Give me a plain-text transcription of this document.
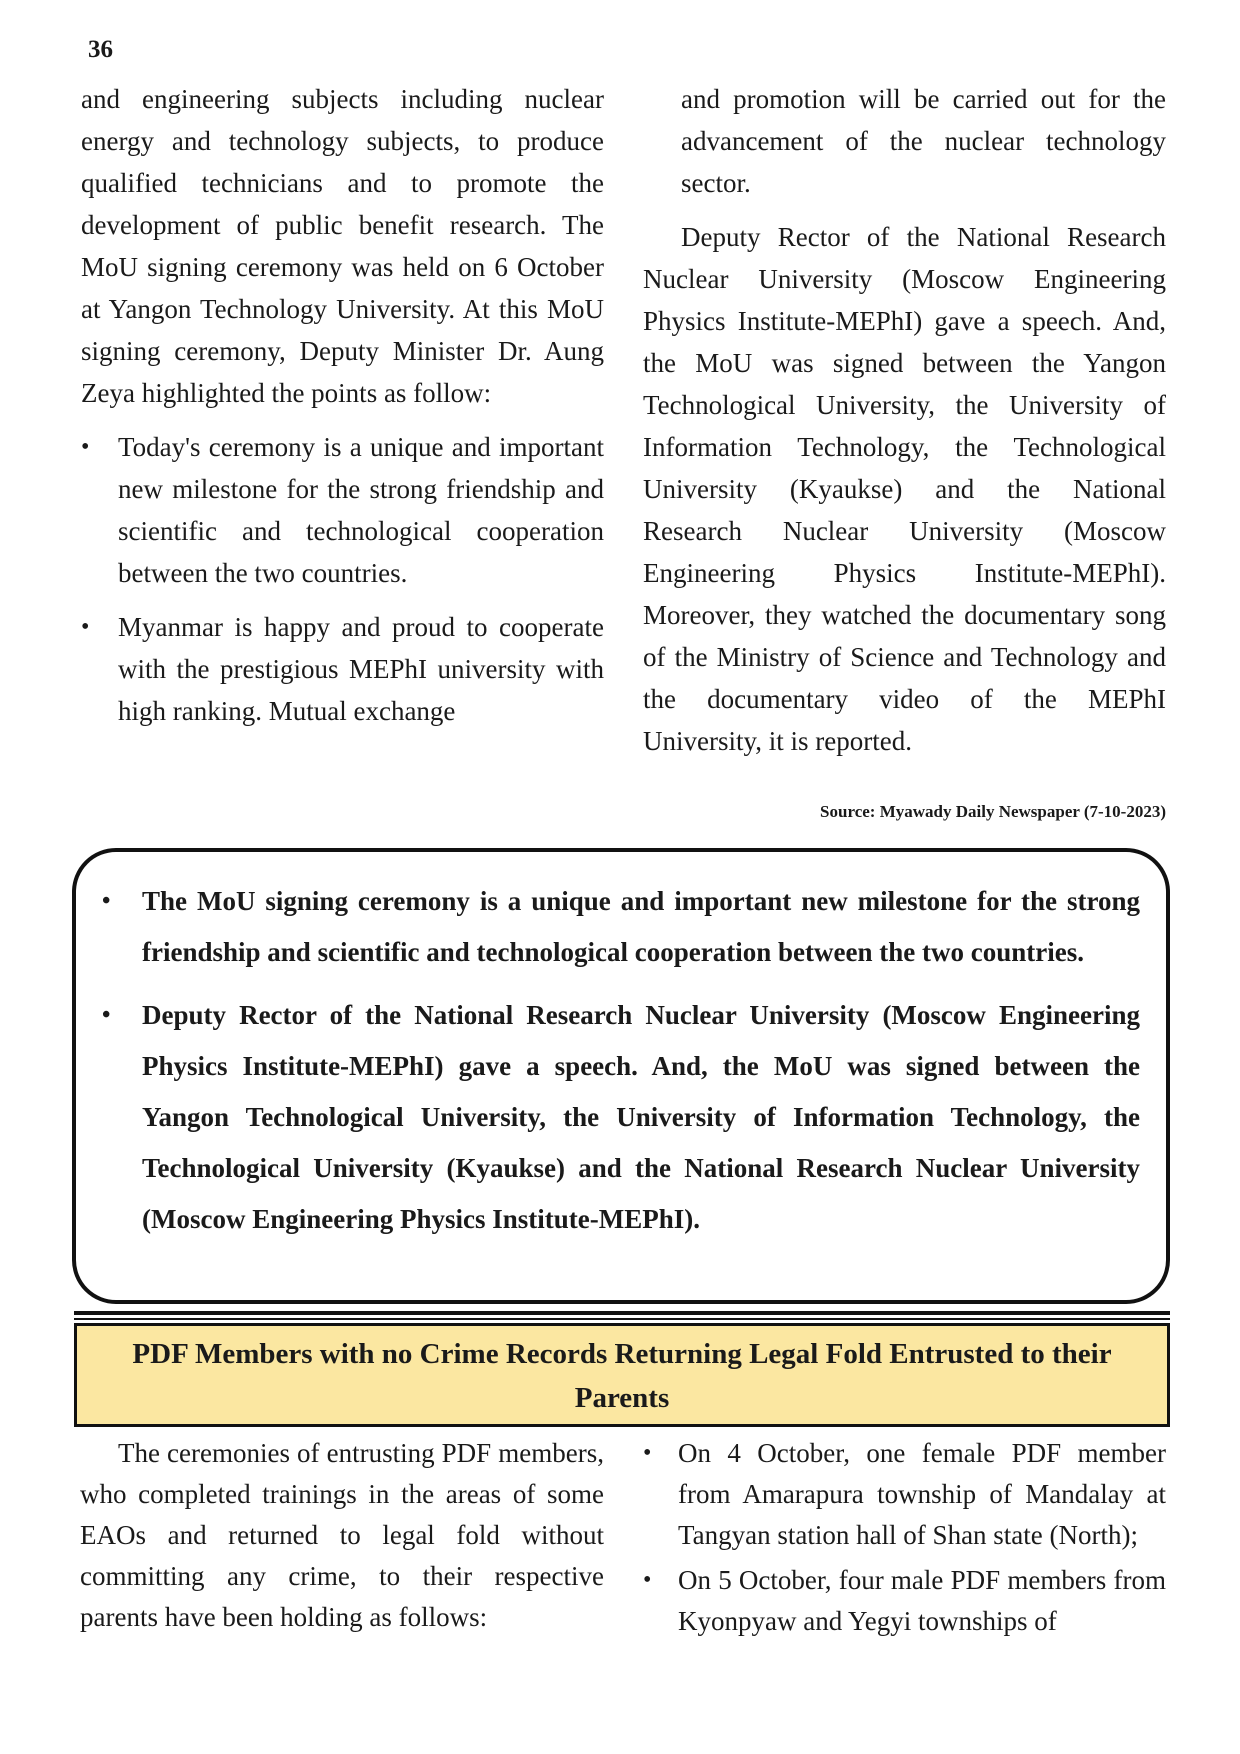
36

and engineering subjects including nuclear energy and technology subjects, to produce qualified technicians and to promote the development of public benefit research. The MoU signing ceremony was held on 6 October at Yangon Technology University. At this MoU signing ceremony, Deputy Minister Dr. Aung Zeya highlighted the points as follow:

• Today's ceremony is a unique and important new milestone for the strong friendship and scientific and technological cooperation between the two countries.
• Myanmar is happy and proud to cooperate with the prestigious MEPhI university with high ranking. Mutual exchange

and promotion will be carried out for the advancement of the nuclear technology sector.

Deputy Rector of the National Research Nuclear University (Moscow Engineering Physics Institute-MEPhI) gave a speech. And, the MoU was signed between the Yangon Technological University, the University of Information Technology, the Technological University (Kyaukse) and the National Research Nuclear University (Moscow Engineering Physics Institute-MEPhI). Moreover, they watched the documentary song of the Ministry of Science and Technology and the documentary video of the MEPhI University, it is reported.

Source: Myawady Daily Newspaper (7-10-2023)
• The MoU signing ceremony is a unique and important new milestone for the strong friendship and scientific and technological cooperation between the two countries.
• Deputy Rector of the National Research Nuclear University (Moscow Engineering Physics Institute-MEPhI) gave a speech. And, the MoU was signed between the Yangon Technological University, the University of Information Technology, the Technological University (Kyaukse) and the National Research Nuclear University (Moscow Engineering Physics Institute-MEPhI).
PDF Members with no Crime Records Returning Legal Fold Entrusted to their Parents

The ceremonies of entrusting PDF members, who completed trainings in the areas of some EAOs and returned to legal fold without committing any crime, to their respective parents have been holding as follows:

• On 4 October, one female PDF member from Amarapura township of Mandalay at Tangyan station hall of Shan state (North);
• On 5 October, four male PDF members from Kyonpyaw and Yegyi townships of
